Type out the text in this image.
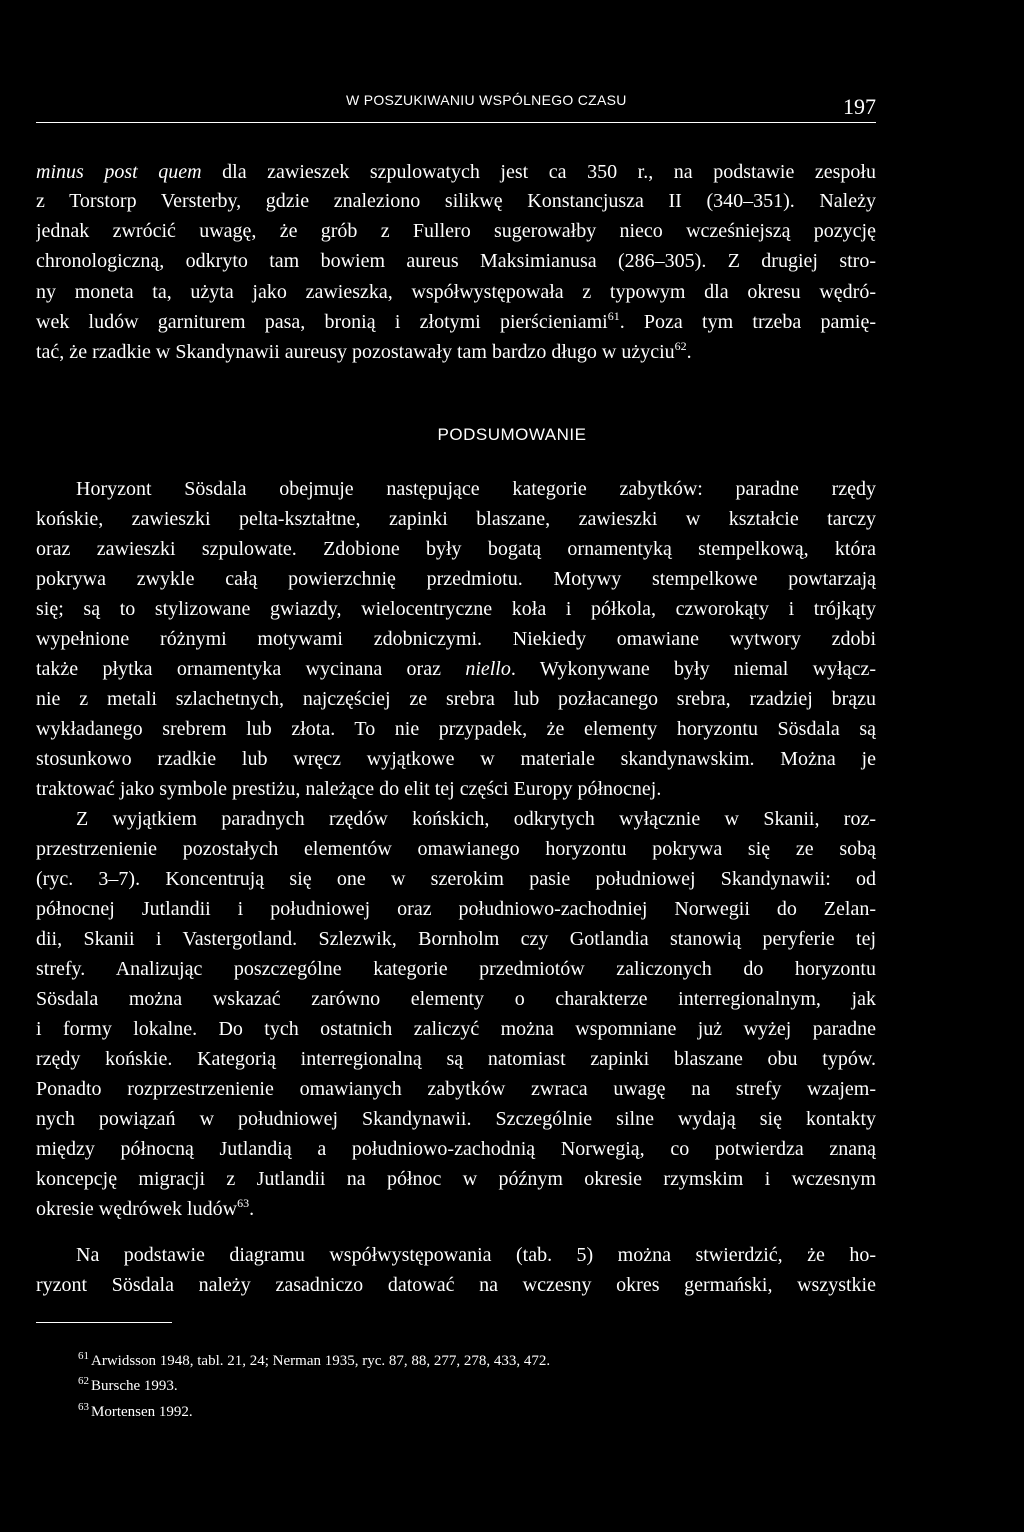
W POSZUKIWANIU WSPÓLNEGO CZASU	197
minus post quem dla zawieszek szpulowatych jest ca 350 r., na podstawie zespołu
z Torstorp Versterby, gdzie znaleziono silikwę Konstancjusza II (340–351). Należy
jednak zwrócić uwagę, że grób z Fullero sugerowałby nieco wcześniejszą pozycję
chronologiczną, odkryto tam bowiem aureus Maksimianusa (286–305). Z drugiej stro-
ny moneta ta, użyta jako zawieszka, współwystępowała z typowym dla okresu wędró-
wek ludów garniturem pasa, bronią i złotymi pierścieniami$^{61}$. Poza tym trzeba pamię-
tać, że rzadkie w Skandynawii aureusy pozostawały tam bardzo długo w użyciu$^{62}$.
PODSUMOWANIE
Horyzont Sösdala obejmuje następujące kategorie zabytków: paradne rzędy
końskie, zawieszki pelta-kształtne, zapinki blaszane, zawieszki w kształcie tarczy
oraz zawieszki szpulowate. Zdobione były bogatą ornamentyką stempelkową, która
pokrywa zwykle całą powierzchnię przedmiotu. Motywy stempelkowe powtarzają
się; są to stylizowane gwiazdy, wielocentryczne koła i półkola, czworokąty i trójkąty
wypełnione różnymi motywami zdobniczymi. Niekiedy omawiane wytwory zdobi
także płytka ornamentyka wycinana oraz niello. Wykonywane były niemal wyłącz-
nie z metali szlachetnych, najczęściej ze srebra lub pozłacanego srebra, rzadziej brązu
wykładanego srebrem lub złota. To nie przypadek, że elementy horyzontu Sösdala są
stosunkowo rzadkie lub wręcz wyjątkowe w materiale skandynawskim. Można je
traktować jako symbole prestiżu, należące do elit tej części Europy północnej.
Z wyjątkiem paradnych rzędów końskich, odkrytych wyłącznie w Skanii, roz-
przestrzenienie pozostałych elementów omawianego horyzontu pokrywa się ze sobą
(ryc. 3–7). Koncentrują się one w szerokim pasie południowej Skandynawii: od
północnej Jutlandii i południowej oraz południowo-zachodniej Norwegii do Zelan-
dii, Skanii i Vastergotland. Szlezwik, Bornholm czy Gotlandia stanowią peryferie tej
strefy. Analizując poszczególne kategorie przedmiotów zaliczonych do horyzontu
Sösdala można wskazać zarówno elementy o charakterze interregionalnym, jak
i formy lokalne. Do tych ostatnich zaliczyć można wspomniane już wyżej paradne
rzędy końskie. Kategorią interregionalną są natomiast zapinki blaszane obu typów.
Ponadto rozprzestrzenienie omawianych zabytków zwraca uwagę na strefy wzajem-
nych powiązań w południowej Skandynawii. Szczególnie silne wydają się kontakty
między północną Jutlandią a południowo-zachodnią Norwegią, co potwierdza znaną
koncepcję migracji z Jutlandii na północ w późnym okresie rzymskim i wczesnym
okresie wędrówek ludów$^{63}$.
Na podstawie diagramu współwystępowania (tab. 5) można stwierdzić, że ho-
ryzont Sösdala należy zasadniczo datować na wczesny okres germański, wszystkie
$^{61}$ Arwidsson 1948, tabl. 21, 24; Nerman 1935, ryc. 87, 88, 277, 278, 433, 472.
$^{62}$ Bursche 1993.
$^{63}$ Mortensen 1992.
